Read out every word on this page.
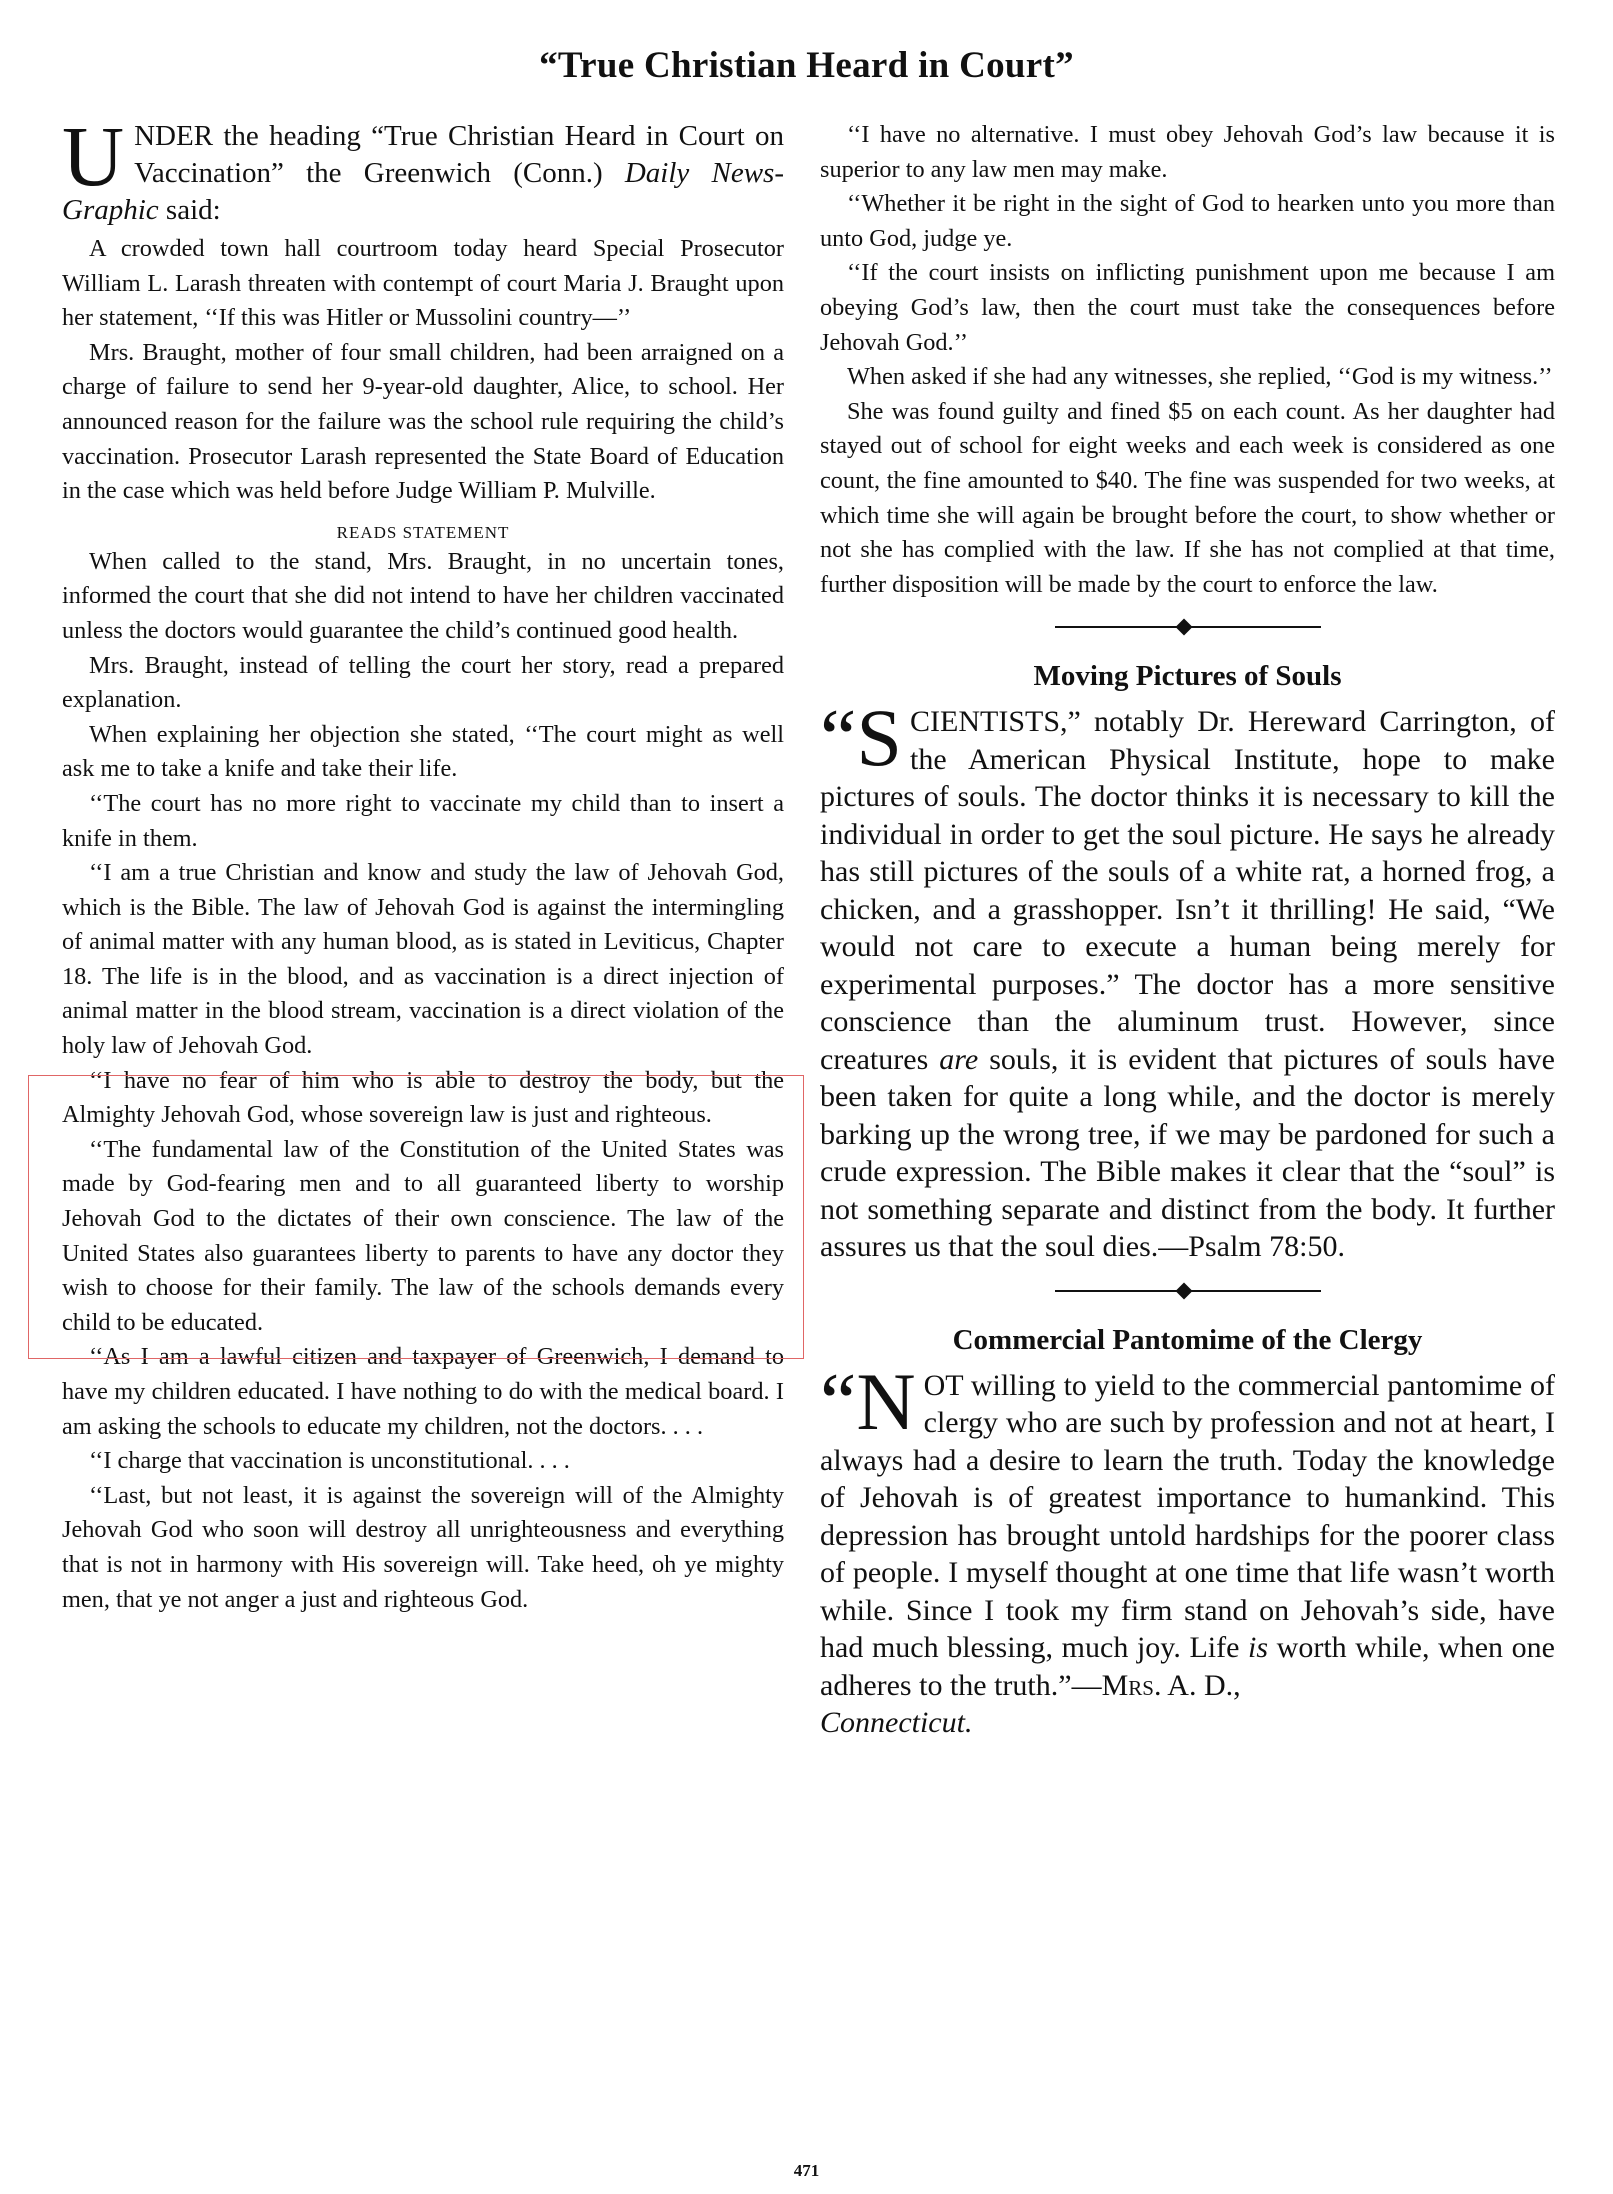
“True Christian Heard in Court”

UNDER the heading “True Christian Heard in Court on Vaccination” the Greenwich (Conn.) Daily News-Graphic said:

A crowded town hall courtroom today heard Special Prosecutor William L. Larash threaten with contempt of court Maria J. Braught upon her statement, ‘‘If this was Hitler or Mussolini country—’’

Mrs. Braught, mother of four small children, had been arraigned on a charge of failure to send her 9-year-old daughter, Alice, to school. Her announced reason for the failure was the school rule requiring the child’s vaccination. Prosecutor Larash represented the State Board of Education in the case which was held before Judge William P. Mulville.

READS STATEMENT

When called to the stand, Mrs. Braught, in no uncertain tones, informed the court that she did not intend to have her children vaccinated unless the doctors would guarantee the child’s continued good health.

Mrs. Braught, instead of telling the court her story, read a prepared explanation.

When explaining her objection she stated, ‘‘The court might as well ask me to take a knife and take their life.

‘‘The court has no more right to vaccinate my child than to insert a knife in them.

‘‘I am a true Christian and know and study the law of Jehovah God, which is the Bible. The law of Jehovah God is against the intermingling of animal matter with any human blood, as is stated in Leviticus, Chapter 18. The life is in the blood, and as vaccination is a direct injection of animal matter in the blood stream, vaccination is a direct violation of the holy law of Jehovah God.

‘‘I have no fear of him who is able to destroy the body, but the Almighty Jehovah God, whose sovereign law is just and righteous.

‘‘The fundamental law of the Constitution of the United States was made by God-fearing men and to all guaranteed liberty to worship Jehovah God to the dictates of their own conscience. The law of the United States also guarantees liberty to parents to have any doctor they wish to choose for their family. The law of the schools demands every child to be educated.

‘‘As I am a lawful citizen and taxpayer of Greenwich, I demand to have my children educated. I have nothing to do with the medical board. I am asking the schools to educate my children, not the doctors. . . .

‘‘I charge that vaccination is unconstitutional. . . .

‘‘Last, but not least, it is against the sovereign will of the Almighty Jehovah God who soon will destroy all unrighteousness and everything that is not in harmony with His sovereign will. Take heed, oh ye mighty men, that ye not anger a just and righteous God.

‘‘I have no alternative. I must obey Jehovah God’s law because it is superior to any law men may make.

‘‘Whether it be right in the sight of God to hearken unto you more than unto God, judge ye.

‘‘If the court insists on inflicting punishment upon me because I am obeying God’s law, then the court must take the consequences before Jehovah God.’’

When asked if she had any witnesses, she replied, ‘‘God is my witness.’’

She was found guilty and fined $5 on each count. As her daughter had stayed out of school for eight weeks and each week is considered as one count, the fine amounted to $40. The fine was suspended for two weeks, at which time she will again be brought before the court, to show whether or not she has complied with the law. If she has not complied at that time, further disposition will be made by the court to enforce the law.

Moving Pictures of Souls

“S CIENTISTS,” notably Dr. Hereward Carrington, of the American Physical Institute, hope to make pictures of souls. The doctor thinks it is necessary to kill the individual in order to get the soul picture. He says he already has still pictures of the souls of a white rat, a horned frog, a chicken, and a grasshopper. Isn’t it thrilling! He said, “We would not care to execute a human being merely for experimental purposes.” The doctor has a more sensitive conscience than the aluminum trust. However, since creatures are souls, it is evident that pictures of souls have been taken for quite a long while, and the doctor is merely barking up the wrong tree, if we may be pardoned for such a crude expression. The Bible makes it clear that the “soul” is not something separate and distinct from the body. It further assures us that the soul dies.—Psalm 78:50.

Commercial Pantomime of the Clergy

“N OT willing to yield to the commercial pantomime of clergy who are such by profession and not at heart, I always had a desire to learn the truth. Today the knowledge of Jehovah is of greatest importance to humankind. This depression has brought untold hardships for the poorer class of people. I myself thought at one time that life wasn’t worth while. Since I took my firm stand on Jehovah’s side, have had much blessing, much joy. Life is worth while, when one adheres to the truth.”—Mrs. A. D.,
Connecticut.

471
